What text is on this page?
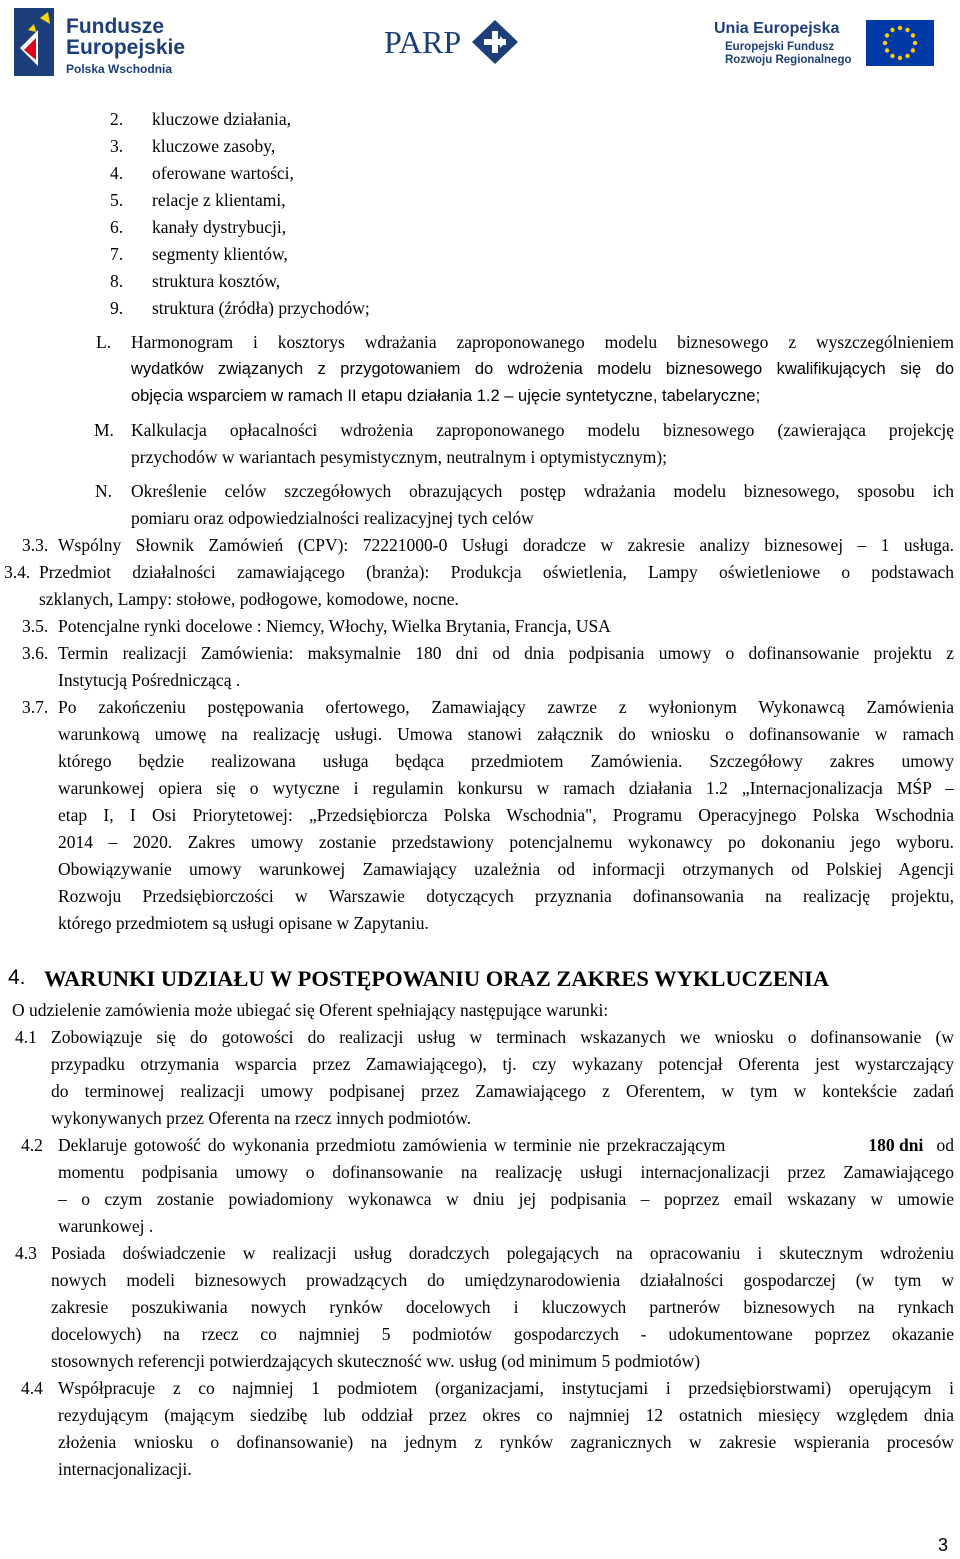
Fundusze
Europejskie
Polska Wschodnia
PARP	Unia Europejska
Europejski Fundusz
Rozwoju Regionalnego
2. kluczowe działania,
3. kluczowe zasoby,
4. oferowane wartości,
5. relacje z klientami,
6. kanały dystrybucji,
7. segmenty klientów,
8. struktura kosztów,
9. struktura (źródła) przychodów;
L. Harmonogram i kosztorys wdrażania zaproponowanego modelu biznesowego z wyszczególnieniem
wydatków związanych z przygotowaniem do wdrożenia modelu biznesowego kwalifikujących się do
objęcia wsparciem w ramach II etapu działania 1.2 – ujęcie syntetyczne, tabelaryczne;
M. Kalkulacja opłacalności wdrożenia zaproponowanego modelu biznesowego (zawierająca projekcję
przychodów w wariantach pesymistycznym, neutralnym i optymistycznym);
N. Określenie celów szczegółowych obrazujących postęp wdrażania modelu biznesowego, sposobu ich
pomiaru oraz odpowiedzialności realizacyjnej tych celów
3.3. Wspólny Słownik Zamówień (CPV): 72221000-0 Usługi doradcze w zakresie analizy biznesowej – 1 usługa.
3.4. Przedmiot działalności zamawiającego (branża): Produkcja oświetlenia, Lampy oświetleniowe o podstawach
szklanych, Lampy: stołowe, podłogowe, komodowe, nocne.
3.5. Potencjalne rynki docelowe : Niemcy, Włochy, Wielka Brytania, Francja, USA
3.6. Termin realizacji Zamówienia: maksymalnie 180 dni od dnia podpisania umowy o dofinansowanie projektu z
Instytucją Pośredniczącą .
3.7. Po zakończeniu postępowania ofertowego, Zamawiający zawrze z wyłonionym Wykonawcą Zamówienia
warunkową umowę na realizację usługi. Umowa stanowi załącznik do wniosku o dofinansowanie w ramach
którego będzie realizowana usługa będąca przedmiotem Zamówienia. Szczegółowy zakres umowy
warunkowej opiera się o wytyczne i regulamin konkursu w ramach działania 1.2 „Internacjonalizacja MŚP –
etap I, I Osi Priorytetowej: „Przedsiębiorcza Polska Wschodnia", Programu Operacyjnego Polska Wschodnia
2014 – 2020. Zakres umowy zostanie przedstawiony potencjalnemu wykonawcy po dokonaniu jego wyboru.
Obowiązywanie umowy warunkowej Zamawiający uzależnia od informacji otrzymanych od Polskiej Agencji
Rozwoju Przedsiębiorczości w Warszawie dotyczących przyznania dofinansowania na realizację projektu,
którego przedmiotem są usługi opisane w Zapytaniu.
4. WARUNKI UDZIAŁU W POSTĘPOWANIU ORAZ ZAKRES WYKLUCZENIA
O udzielenie zamówienia może ubiegać się Oferent spełniający następujące warunki:
4.1 Zobowiązuje się do gotowości do realizacji usług w terminach wskazanych we wniosku o dofinansowanie (w
przypadku otrzymania wsparcia przez Zamawiającego), tj. czy wykazany potencjał Oferenta jest wystarczający
do terminowej realizacji umowy podpisanej przez Zamawiającego z Oferentem, w tym w kontekście zadań
wykonywanych przez Oferenta na rzecz innych podmiotów.
4.2 Deklaruje gotowość do wykonania przedmiotu zamówienia w terminie nie przekraczającym	180 dni od
momentu podpisania umowy o dofinansowanie na realizację usługi internacjonalizacji przez Zamawiającego
– o czym zostanie powiadomiony wykonawca w dniu jej podpisania – poprzez email wskazany w umowie
warunkowej .
4.3 Posiada doświadczenie w realizacji usług doradczych polegających na opracowaniu i skutecznym wdrożeniu
nowych modeli biznesowych prowadzących do umiędzynarodowienia działalności gospodarczej (w tym w
zakresie poszukiwania nowych rynków docelowych i kluczowych partnerów biznesowych na rynkach
docelowych) na rzecz co najmniej 5 podmiotów gospodarczych - udokumentowane poprzez okazanie
stosownych referencji potwierdzających skuteczność ww. usług (od minimum 5 podmiotów)
4.4 Współpracuje z co najmniej 1 podmiotem (organizacjami, instytucjami i przedsiębiorstwami) operującym i
rezydującym (mającym siedzibę lub oddział przez okres co najmniej 12 ostatnich miesięcy względem dnia
złożenia wniosku o dofinansowanie) na jednym z rynków zagranicznych w zakresie wspierania procesów
internacjonalizacji.
3
